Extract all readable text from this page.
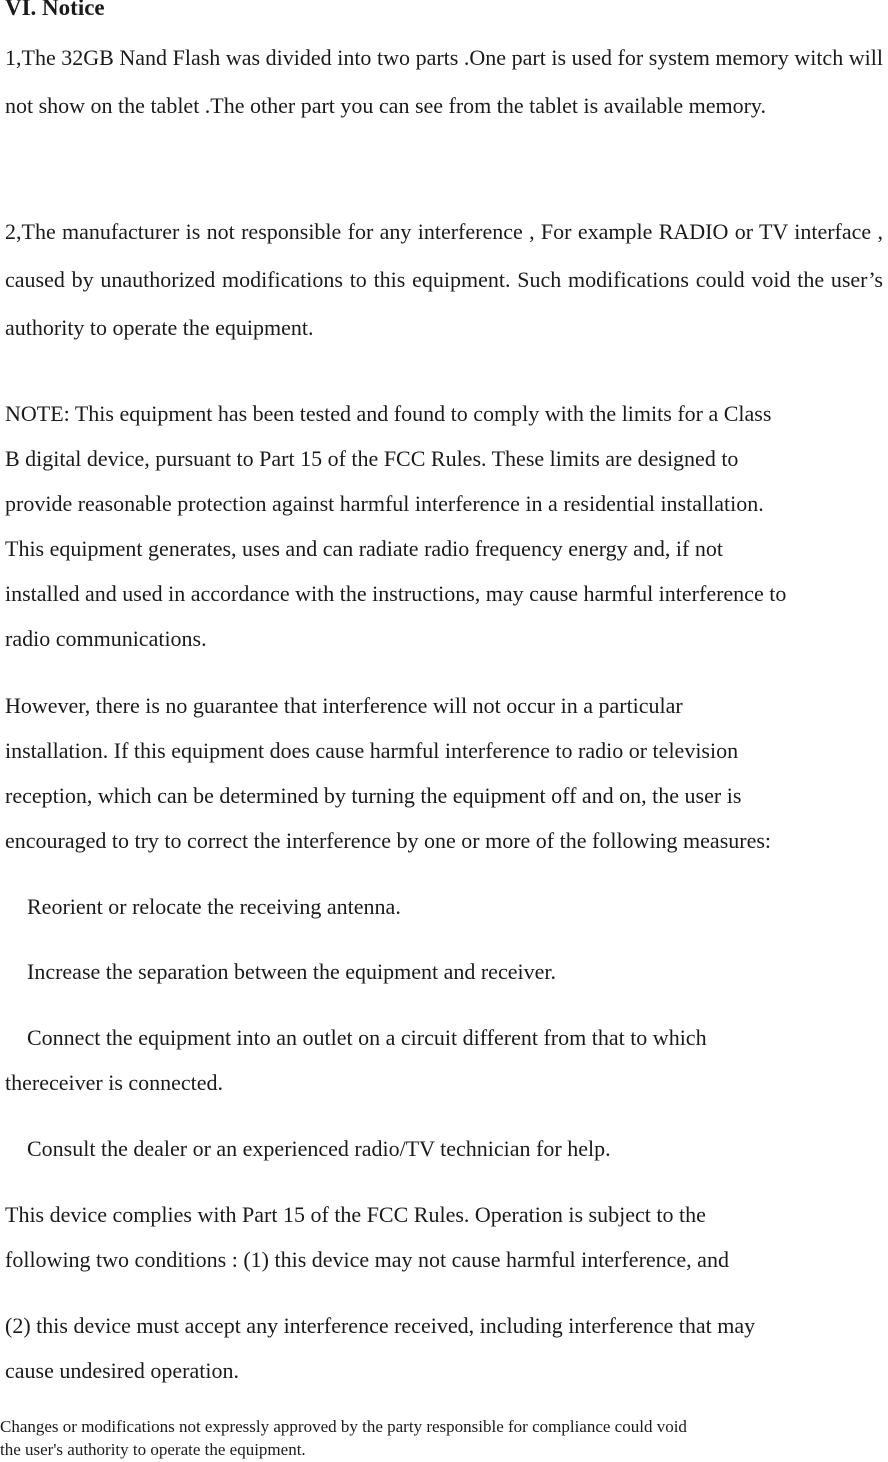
VI. Notice

1,The 32GB Nand Flash was divided into two parts .One part is used for system memory witch will not show on the tablet .The other part you can see from the tablet is available memory.

2,The manufacturer is not responsible for any interference , For example RADIO or TV interface , caused by unauthorized modifications to this equipment. Such modifications could void the user’s authority to operate the equipment.

NOTE: This equipment has been tested and found to comply with the limits for a Class
B digital device, pursuant to Part 15 of the FCC Rules. These limits are designed to
provide reasonable protection against harmful interference in a residential installation.
This equipment generates, uses and can radiate radio frequency energy and, if not
installed and used in accordance with the instructions, may cause harmful interference to
radio communications.

However, there is no guarantee that interference will not occur in a particular
installation. If this equipment does cause harmful interference to radio or television
reception, which can be determined by turning the equipment off and on, the user is
encouraged to try to correct the interference by one or more of the following measures:

Reorient or relocate the receiving antenna.

Increase the separation between the equipment and receiver.

Connect the equipment into an outlet on a circuit different from that to which

thereceiver is connected.

Consult the dealer or an experienced radio/TV technician for help.

This device complies with Part 15 of the FCC Rules. Operation is subject to the
following two conditions : (1) this device may not cause harmful interference, and

(2) this device must accept any interference received, including interference that may
cause undesired operation.

Changes or modifications not expressly approved by the party responsible for compliance could void
the user's authority to operate the equipment.
